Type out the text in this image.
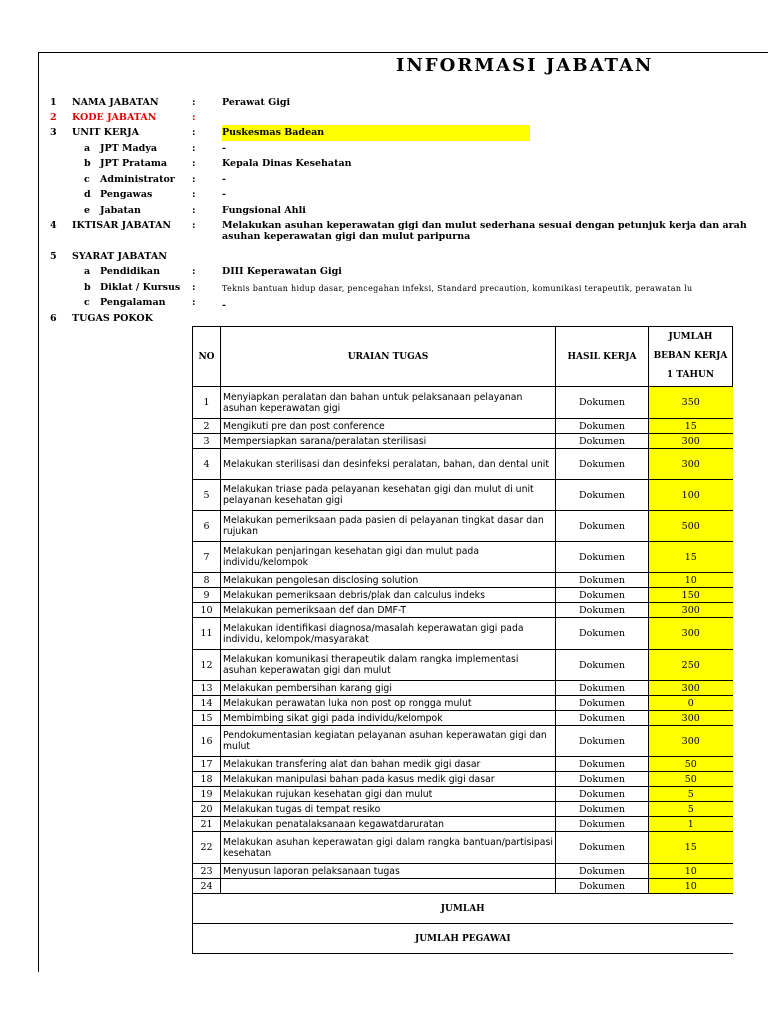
INFORMASI JABATAN
1 NAMA JABATAN	:	Perawat Gigi
2 KODE JABATAN	:
3 UNIT KERJA	:	Puskesmas Badean
a JPT Madya	:	-
b JPT Pratama	:	Kepala Dinas Kesehatan
c Administrator :	-
d Pengawas	:	-
e Jabatan	:	Fungsional Ahli
4 IKTISAR JABATAN :	Melakukan asuhan keperawatan gigi dan mulut sederhana sesuai dengan petunjuk kerja dan arah
asuhan keperawatan gigi dan mulut paripurna
5 SYARAT JABATAN
a Pendidikan	:	DIII Keperawatan Gigi
b Diklat / Kursus :	Teknis bantuan hidup dasar, pencegahan infeksi, Standard precaution, komunikasi terapeutik, perawatan lu
c Pengalaman	:	-
6 TUGAS POKOK
NO	URAIAN TUGAS	HASIL KERJA	JUMLAH
BEBAN KERJA
1 TAHUN

1	Menyiapkan peralatan dan bahan untuk pelaksanaan pelayanan asuhan keperawatan gigi	Dokumen	350
2	Mengikuti pre dan post conference	Dokumen	15
3	Mempersiapkan sarana/peralatan sterilisasi	Dokumen	300
4	Melakukan sterilisasi dan desinfeksi peralatan, bahan, dan dental unit	Dokumen	300
5	Melakukan triase pada pelayanan kesehatan gigi dan mulut di unit pelayanan kesehatan gigi	Dokumen	100
6	Melakukan pemeriksaan pada pasien di pelayanan tingkat dasar dan rujukan	Dokumen	500
7	Melakukan penjaringan kesehatan gigi dan mulut pada individu/kelompok	Dokumen	15
8	Melakukan pengolesan disclosing solution	Dokumen	10
9	Melakukan pemeriksaan debris/plak dan calculus indeks	Dokumen	150
10	Melakukan pemeriksaan def dan DMF-T	Dokumen	300
11	Melakukan identifikasi diagnosa/masalah keperawatan gigi pada individu, kelompok/masyarakat	Dokumen	300
12	Melakukan komunikasi therapeutik dalam rangka implementasi asuhan keperawatan gigi dan mulut	Dokumen	250
13	Melakukan pembersihan karang gigi	Dokumen	300
14	Melakukan perawatan luka non post op rongga mulut	Dokumen	0
15	Membimbing sikat gigi pada individu/kelompok	Dokumen	300
16	Pendokumentasian kegiatan pelayanan asuhan keperawatan gigi dan mulut	Dokumen	300
17	Melakukan transfering alat dan bahan medik gigi dasar	Dokumen	50
18	Melakukan manipulasi bahan pada kasus medik gigi dasar	Dokumen	50
19	Melakukan rujukan kesehatan gigi dan mulut	Dokumen	5
20	Melakukan tugas di tempat resiko	Dokumen	5
21	Melakukan penatalaksanaan kegawatdaruratan	Dokumen	1
22	Melakukan asuhan keperawatan gigi dalam rangka bantuan/partisipasi kesehatan	Dokumen	15
23	Menyusun laporan pelaksanaan tugas	Dokumen	10
24		Dokumen	10
JUMLAH			
JUMLAH PEGAWAI			
